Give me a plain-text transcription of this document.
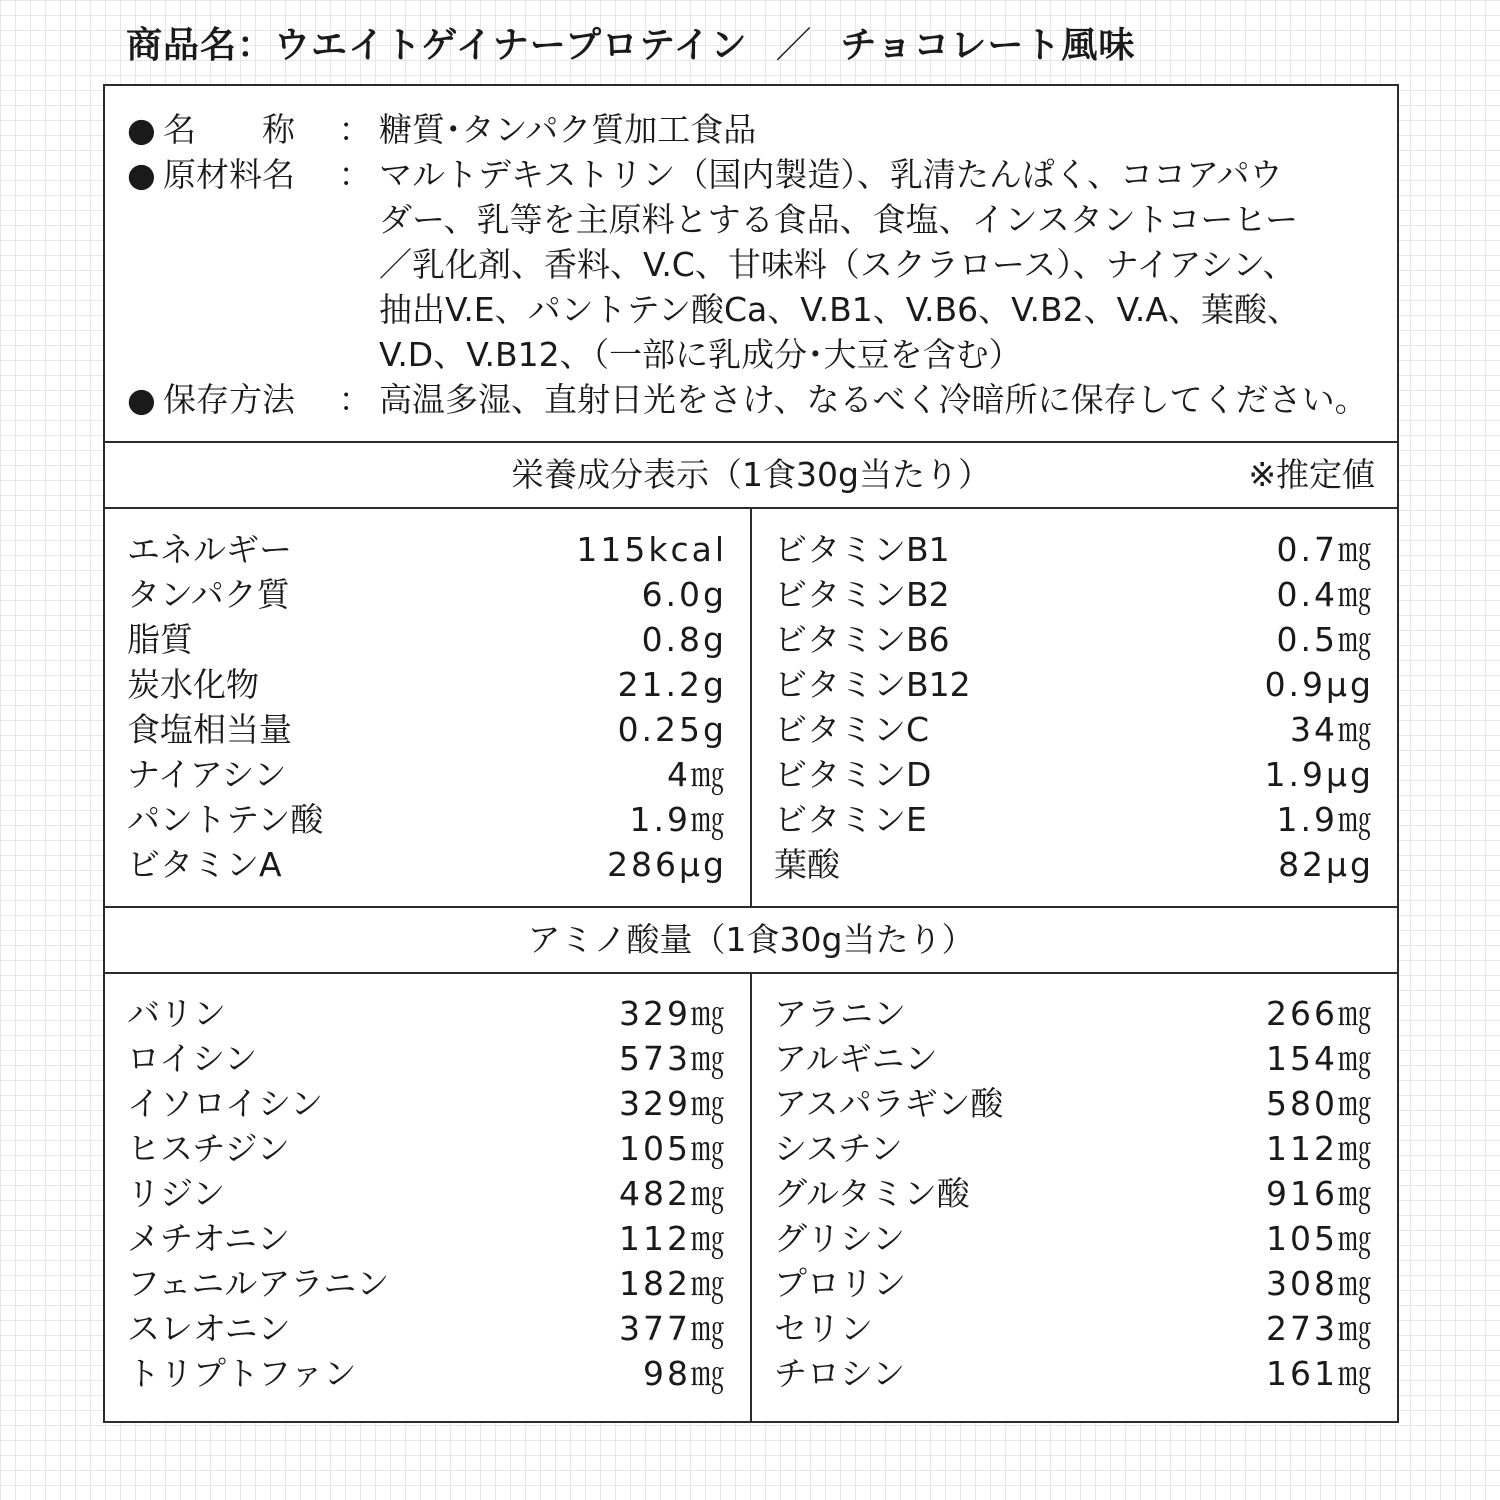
商品名：ウエイトゲイナープロテイン ／ チョコレート風味
● 名　　称 ： 糖質･タンパク質加工食品
● 原材料名 ： マルトデキストリン（国内製造）、乳清たんぱく、ココアパウ
ダー、乳等を主原料とする食品、食塩、インスタントコーヒー
／乳化剤、香料、V.C、甘味料（スクラロース）、ナイアシン、
抽出V.E、パントテン酸Ca、V.B1、V.B6、V.B2、V.A、葉酸、
V.D、V.B12、（一部に乳成分･大豆を含む）
● 保存方法 ： 高温多湿、直射日光をさけ、なるべく冷暗所に保存してください。
栄養成分表示（1食30g当たり）	※推定値
エネルギー	115kcal
タンパク質	6.0g
脂質	0.8g
炭水化物	21.2g
食塩相当量	0.25g
ナイアシン	4㎎
パントテン酸	1.9㎎
ビタミンA	286μg
ビタミンB1	0.7㎎
ビタミンB2	0.4㎎
ビタミンB6	0.5㎎
ビタミンB12	0.9μg
ビタミンC	34㎎
ビタミンD	1.9μg
ビタミンE	1.9㎎
葉酸	82μg
アミノ酸量（1食30g当たり）
バリン	329㎎
ロイシン	573㎎
イソロイシン	329㎎
ヒスチジン	105㎎
リジン	482㎎
メチオニン	112㎎
フェニルアラニン	182㎎
スレオニン	377㎎
トリプトファン	98㎎
アラニン	266㎎
アルギニン	154㎎
アスパラギン酸	580㎎
シスチン	112㎎
グルタミン酸	916㎎
グリシン	105㎎
プロリン	308㎎
セリン	273㎎
チロシン	161㎎
